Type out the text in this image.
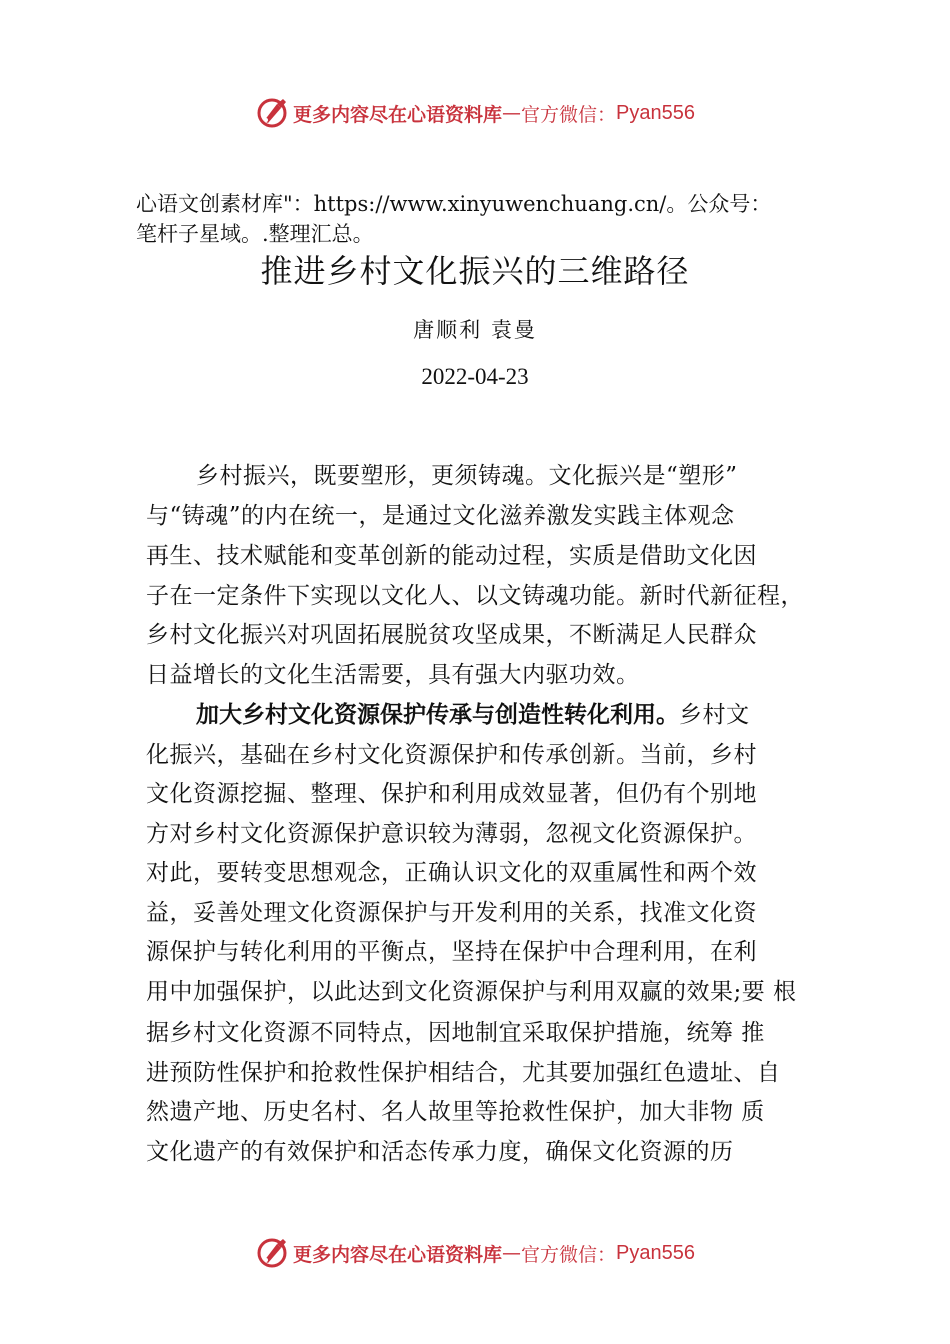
更多内容尽在心语资料库 — 官方微信： Pyan556
心语文创素材库"：https://www.xinyuwenchuang.cn/。公众号：
笔杆子星域。.整理汇总。
推进乡村文化振兴的三维路径
唐顺利 袁曼
2022-04-23
乡村振兴，既要塑形，更须铸魂。文化振兴是“塑形”
与“铸魂”的内在统一，是通过文化滋养激发实践主体观念
再生、技术赋能和变革创新的能动过程，实质是借助文化因
子在一定条件下实现以文化人、以文铸魂功能。新时代新征程，
乡村文化振兴对巩固拓展脱贫攻坚成果，不断满足人民群众
日益增长的文化生活需要，具有强大内驱功效。
加大乡村文化资源保护传承与创造性转化利用。乡村文
化振兴，基础在乡村文化资源保护和传承创新。当前，乡村
文化资源挖掘、整理、保护和利用成效显著，但仍有个别地
方对乡村文化资源保护意识较为薄弱，忽视文化资源保护。
对此，要转变思想观念，正确认识文化的双重属性和两个效
益，妥善处理文化资源保护与开发利用的关系，找准文化资
源保护与转化利用的平衡点，坚持在保护中合理利用，在利
用中加强保护，以此达到文化资源保护与利用双赢的效果;要 根
据乡村文化资源不同特点，因地制宜采取保护措施，统筹 推
进预防性保护和抢救性保护相结合，尤其要加强红色遗址、自
然遗产地、历史名村、名人故里等抢救性保护，加大非物 质
文化遗产的有效保护和活态传承力度，确保文化资源的历
更多内容尽在心语资料库 — 官方微信： Pyan556
